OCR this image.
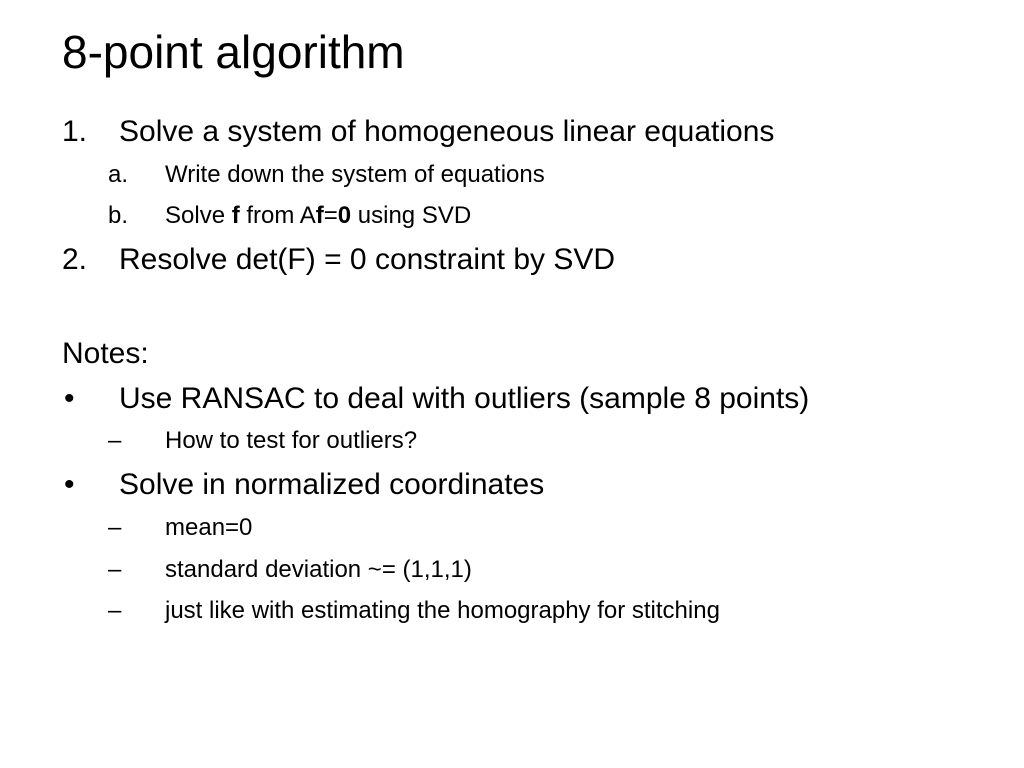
8-point algorithm
1. Solve a system of homogeneous linear equations
a. Write down the system of equations
b. Solve f from Af=0 using SVD
2. Resolve det(F) = 0 constraint by SVD
Notes:
• Use RANSAC to deal with outliers (sample 8 points)
– How to test for outliers?
• Solve in normalized coordinates
– mean=0
– standard deviation ~= (1,1,1)
– just like with estimating the homography for stitching
